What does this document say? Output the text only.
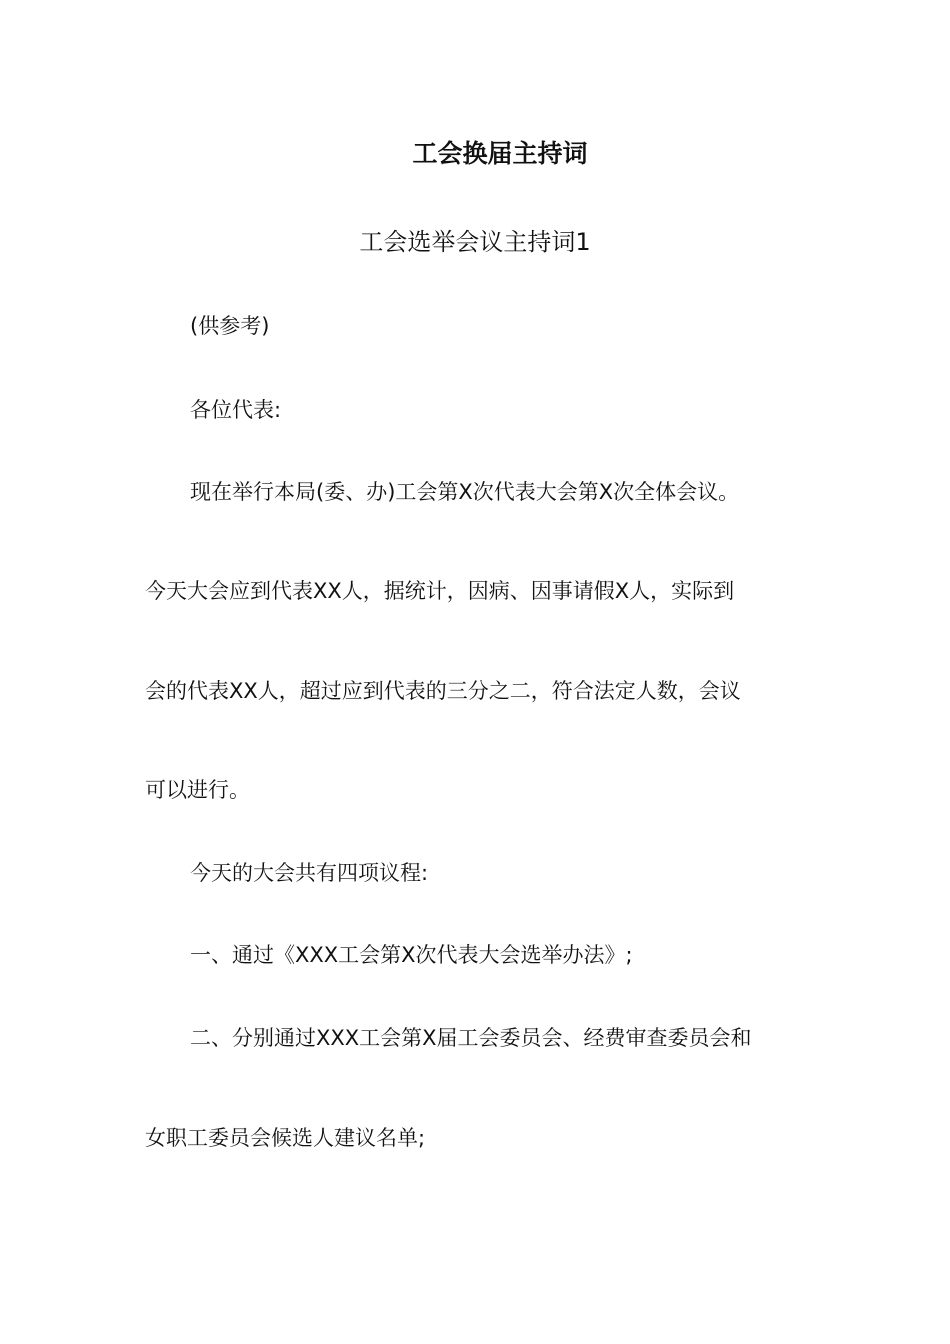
工会换届主持词
工会选举会议主持词1
(供参考)
各位代表:
现在举行本局(委、办)工会第X次代表大会第X次全体会议。
今天大会应到代表XX人，据统计，因病、因事请假X人，实际到
会的代表XX人，超过应到代表的三分之二，符合法定人数，会议
可以进行。
今天的大会共有四项议程:
一、通过《XXX工会第X次代表大会选举办法》;
二、分别通过XXX工会第X届工会委员会、经费审查委员会和
女职工委员会候选人建议名单;
